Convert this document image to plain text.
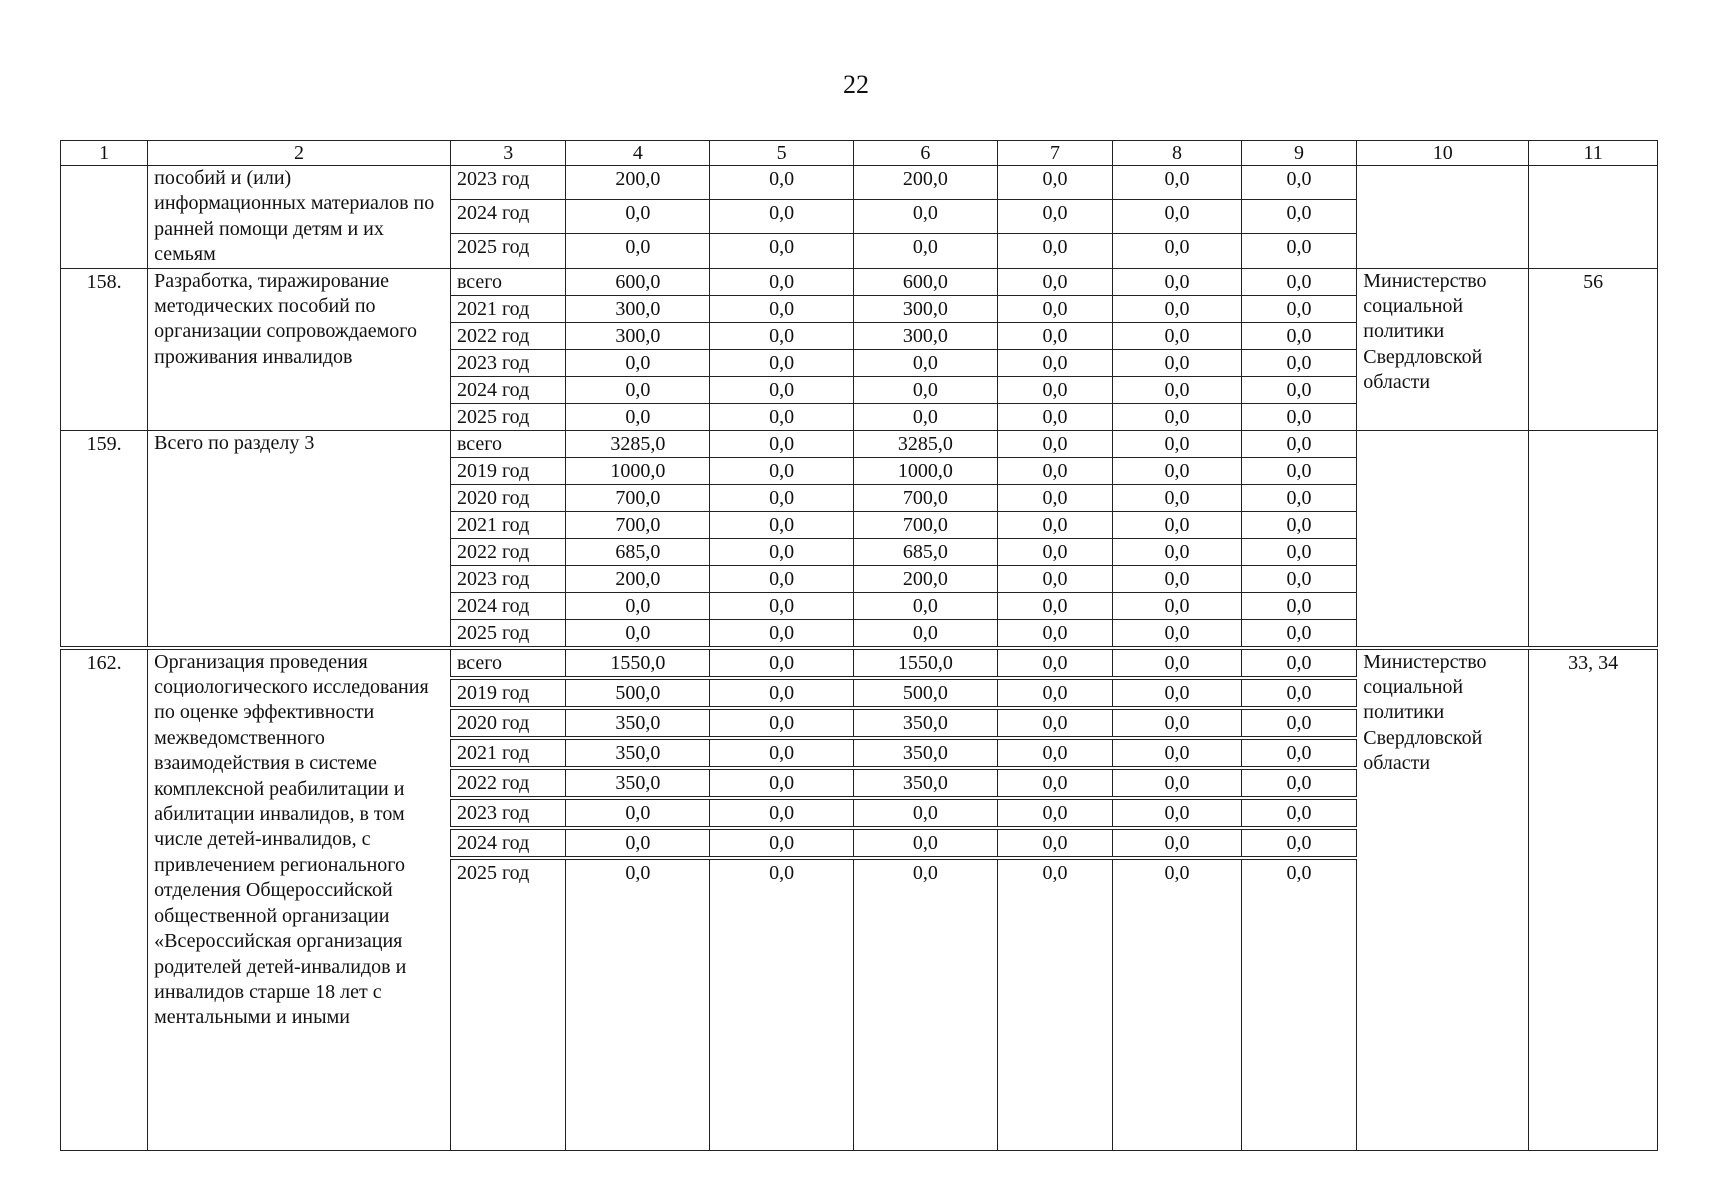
22
1	2	3	4	5	6	7	8	9	10	11
	пособий и (или) информационных материалов по ранней помощи детям и их семьям	2023 год	200,0	0,0	200,0	0,0	0,0	0,0		
		2024 год	0,0	0,0	0,0	0,0	0,0	0,0		
		2025 год	0,0	0,0	0,0	0,0	0,0	0,0		
158.	Разработка, тиражирование методических пособий по организации сопровождаемого проживания инвалидов	всего	600,0	0,0	600,0	0,0	0,0	0,0	Министерство социальной политики Свердловской области	56
		2021 год	300,0	0,0	300,0	0,0	0,0	0,0		
		2022 год	300,0	0,0	300,0	0,0	0,0	0,0		
		2023 год	0,0	0,0	0,0	0,0	0,0	0,0		
		2024 год	0,0	0,0	0,0	0,0	0,0	0,0		
		2025 год	0,0	0,0	0,0	0,0	0,0	0,0		
159.	Всего по разделу 3	всего	3285,0	0,0	3285,0	0,0	0,0	0,0		
		2019 год	1000,0	0,0	1000,0	0,0	0,0	0,0		
		2020 год	700,0	0,0	700,0	0,0	0,0	0,0		
		2021 год	700,0	0,0	700,0	0,0	0,0	0,0		
		2022 год	685,0	0,0	685,0	0,0	0,0	0,0		
		2023 год	200,0	0,0	200,0	0,0	0,0	0,0		
		2024 год	0,0	0,0	0,0	0,0	0,0	0,0		
		2025 год	0,0	0,0	0,0	0,0	0,0	0,0		
162.	Организация проведения социологического исследования по оценке эффективности межведомственного взаимодействия в системе комплексной реабилитации и абилитации инвалидов, в том числе детей-инвалидов, с привлечением регионального отделения Общероссийской общественной организации «Всероссийская организация родителей детей-инвалидов и инвалидов старше 18 лет с ментальными и иными	всего	1550,0	0,0	1550,0	0,0	0,0	0,0	Министерство социальной политики Свердловской области	33, 34
		2019 год	500,0	0,0	500,0	0,0	0,0	0,0		
		2020 год	350,0	0,0	350,0	0,0	0,0	0,0		
		2021 год	350,0	0,0	350,0	0,0	0,0	0,0		
		2022 год	350,0	0,0	350,0	0,0	0,0	0,0		
		2023 год	0,0	0,0	0,0	0,0	0,0	0,0		
		2024 год	0,0	0,0	0,0	0,0	0,0	0,0		
		2025 год	0,0	0,0	0,0	0,0	0,0	0,0		
